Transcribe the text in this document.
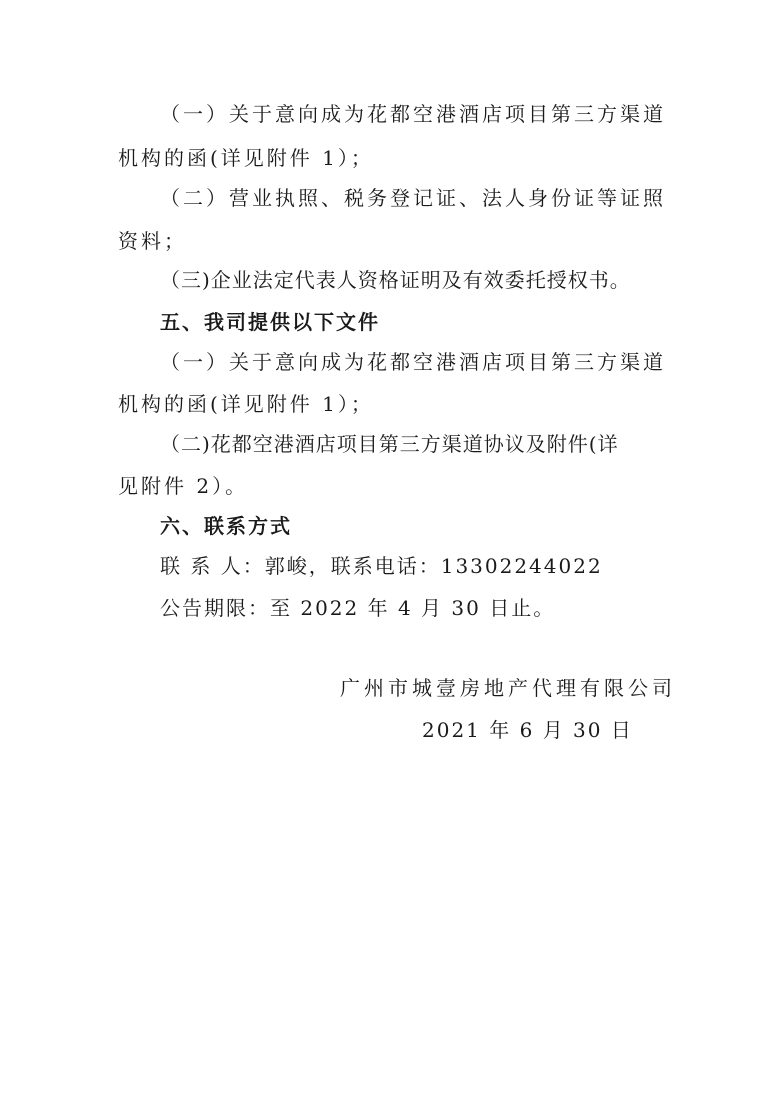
（一）关于意向成为花都空港酒店项目第三方渠道
机构的函(详见附件 1）；
（二）营业执照、税务登记证、法人身份证等证照
资料；
（三)企业法定代表人资格证明及有效委托授权书。
五、我司提供以下文件
（一）关于意向成为花都空港酒店项目第三方渠道
机构的函(详见附件 1）；
（二)花都空港酒店项目第三方渠道协议及附件(详
见附件 2）。
六、联系方式
联 系 人：郭峻，联系电话：13302244022
公告期限：至 2022 年 4 月 30 日止。
广州市城壹房地产代理有限公司
2021 年 6 月 30 日
